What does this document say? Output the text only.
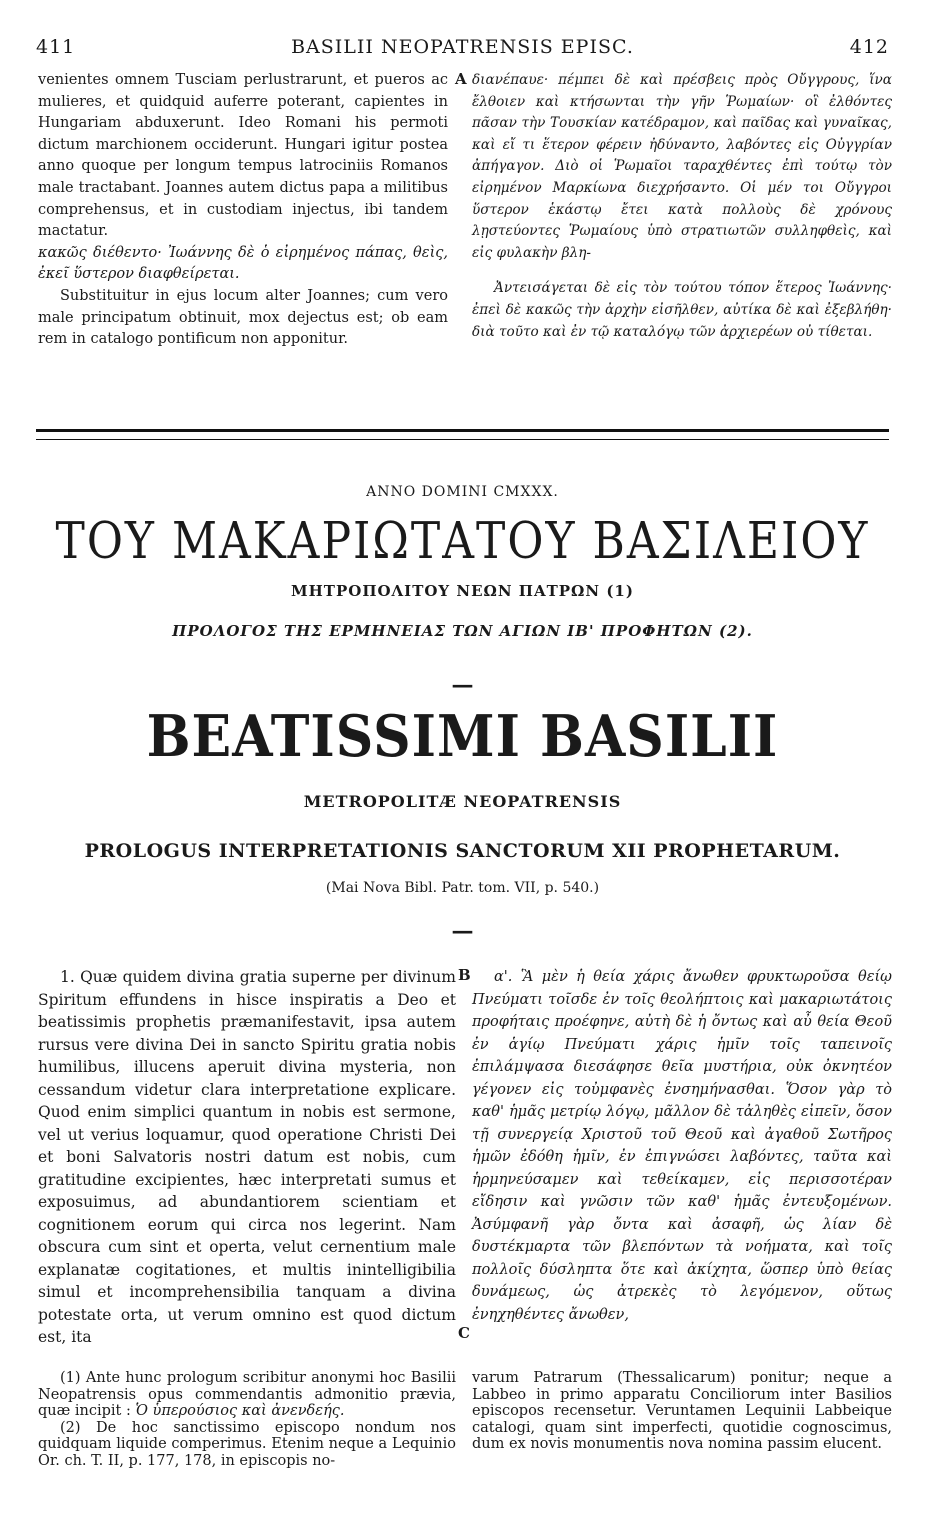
411	BASILII NEOPATRENSIS EPISC.	412

venientes omnem Tusciam perlustrarunt, et pueros ac mulieres, et quidquid auferre poterant, capientes in Hungariam abduxerunt. Ideo Romani his permoti dictum marchionem occiderunt. Hungari igitur postea anno quoque per longum tempus latrociniis Romanos male tractabant. Joannes autem dictus papa a militibus comprehensus, et in custodiam injectus, ibi tandem mactatur.

κακῶς διέθεντο· Ἰωάννης δὲ ὁ εἰρημένος πάπας, θεὶς, ἐκεῖ ὕστερον διαφθείρεται.

Substituitur in ejus locum alter Joannes; cum vero male principatum obtinuit, mox dejectus est; ob eam rem in catalogo pontificum non apponitur.

A διανέπαυε· πέμπει δὲ καὶ πρέσβεις πρὸς Οὔγγρους, ἵνα ἔλθοιεν καὶ κτήσωνται τὴν γῆν Ῥωμαίων· οἳ ἐλθόντες πᾶσαν τὴν Τουσκίαν κατέδραμον, καὶ παῖδας καὶ γυναῖκας, καὶ εἴ τι ἕτερον φέρειν ἠδύναντο, λαβόντες εἰς Οὐγγρίαν ἀπήγαγον. Διὸ οἱ Ῥωμαῖοι ταραχθέντες ἐπὶ τούτῳ τὸν εἰρημένον Μαρκίωνα διεχρήσαντο. Οἱ μέν τοι Οὔγγροι ὕστερον ἑκάστῳ ἔτει κατὰ πολλοὺς δὲ χρόνους λῃστεύοντες Ῥωμαίους ὑπὸ στρατιωτῶν συλληφθεὶς, καὶ εἰς φυλακὴν βλη-

Ἀντεισάγεται δὲ εἰς τὸν τούτου τόπον ἕτερος Ἰωάννης· ἐπεὶ δὲ κακῶς τὴν ἀρχὴν εἰσῆλθεν, αὐτίκα δὲ καὶ ἐξεβλήθη· διὰ τοῦτο καὶ ἐν τῷ καταλόγῳ τῶν ἀρχιερέων οὐ τίθεται.

ANNO DOMINI CMXXX.
ΤΟΥ ΜΑΚΑΡΙΩΤΑΤΟΥ ΒΑΣΙΛΕΙΟΥ
ΜΗΤΡΟΠΟΛΙΤΟΥ ΝΕΩΝ ΠΑΤΡΩΝ (1)
ΠΡΟΛΟΓΟΣ ΤΗΣ ΕΡΜΗΝΕΙΑΣ ΤΩΝ ΑΓΙΩΝ ΙΒ' ΠΡΟΦΗΤΩΝ (2).
—
BEATISSIMI BASILII
METROPOLITÆ NEOPATRENSIS
PROLOGUS INTERPRETATIONIS SANCTORUM XII PROPHETARUM.
(Mai Nova Bibl. Patr. tom. VII, p. 540.)
—

1. Quæ quidem divina gratia superne per divinum Spiritum effundens in hisce inspiratis a Deo et beatissimis prophetis præmanifestavit, ipsa autem rursus vere divina Dei in sancto Spiritu gratia nobis humilibus, illucens aperuit divina mysteria, non cessandum videtur clara interpretatione explicare. Quod enim simplici quantum in nobis est sermone, vel ut verius loquamur, quod operatione Christi Dei et boni Salvatoris nostri datum est nobis, cum gratitudine excipientes, hæc interpretati sumus et exposuimus, ad abundantiorem scientiam et cognitionem eorum qui circa nos legerint. Nam obscura cum sint et operta, velut cernentium male explanatæ cogitationes, et multis inintelligibilia simul et incomprehensibilia tanquam a divina potestate orta, ut verum omnino est quod dictum est, ita

B
C

α'. Ἃ μὲν ἡ θεία χάρις ἄνωθεν φρυκτωροῦσα θείῳ Πνεύματι τοῖσδε ἐν τοῖς θεολήπτοις καὶ μακαριωτάτοις προφήταις προέφηνε, αὐτὴ δὲ ἡ ὄντως καὶ αὖ θεία Θεοῦ ἐν ἁγίῳ Πνεύματι χάρις ἡμῖν τοῖς ταπεινοῖς ἐπιλάμψασα διεσάφησε θεῖα μυστήρια, οὐκ ὀκνητέον γέγονεν εἰς τοὐμφανὲς ἐνσημήνασθαι. Ὅσον γὰρ τὸ καθ' ἡμᾶς μετρίῳ λόγῳ, μᾶλλον δὲ τἀληθὲς εἰπεῖν, ὅσον τῇ συνεργείᾳ Χριστοῦ τοῦ Θεοῦ καὶ ἀγαθοῦ Σωτῆρος ἡμῶν ἐδόθη ἡμῖν, ἐν ἐπιγνώσει λαβόντες, ταῦτα καὶ ἡρμηνεύσαμεν καὶ τεθείκαμεν, εἰς περισσοτέραν εἴδησιν καὶ γνῶσιν τῶν καθ' ἡμᾶς ἐντευξομένων. Ἀσύμφανῆ γὰρ ὄντα καὶ ἀσαφῆ, ὡς λίαν δὲ δυστέκμαρτα τῶν βλεπόντων τὰ νοήματα, καὶ τοῖς πολλοῖς δύσληπτα ὅτε καὶ ἀκίχητα, ὥσπερ ὑπὸ θείας δυνάμεως, ὡς ἀτρεκὲς τὸ λεγόμενον, οὕτως ἐνηχηθέντες ἄνωθεν,

(1) Ante hunc prologum scribitur anonymi hoc Basilii Neopatrensis opus commendantis admonitio prævia, quæ incipit : Ὁ ὑπερούσιος καὶ ἀνενδεής.

(2) De hoc sanctissimo episcopo nondum nos quidquam liquide comperimus. Etenim neque a Lequinio Or. ch. T. II, p. 177, 178, in episcopis no-

varum Patrarum (Thessalicarum) ponitur; neque a Labbeo in primo apparatu Conciliorum inter Basilios episcopos recensetur. Veruntamen Lequinii Labbeique catalogi, quam sint imperfecti, quotidie cognoscimus, dum ex novis monumentis nova nomina passim elucent.
